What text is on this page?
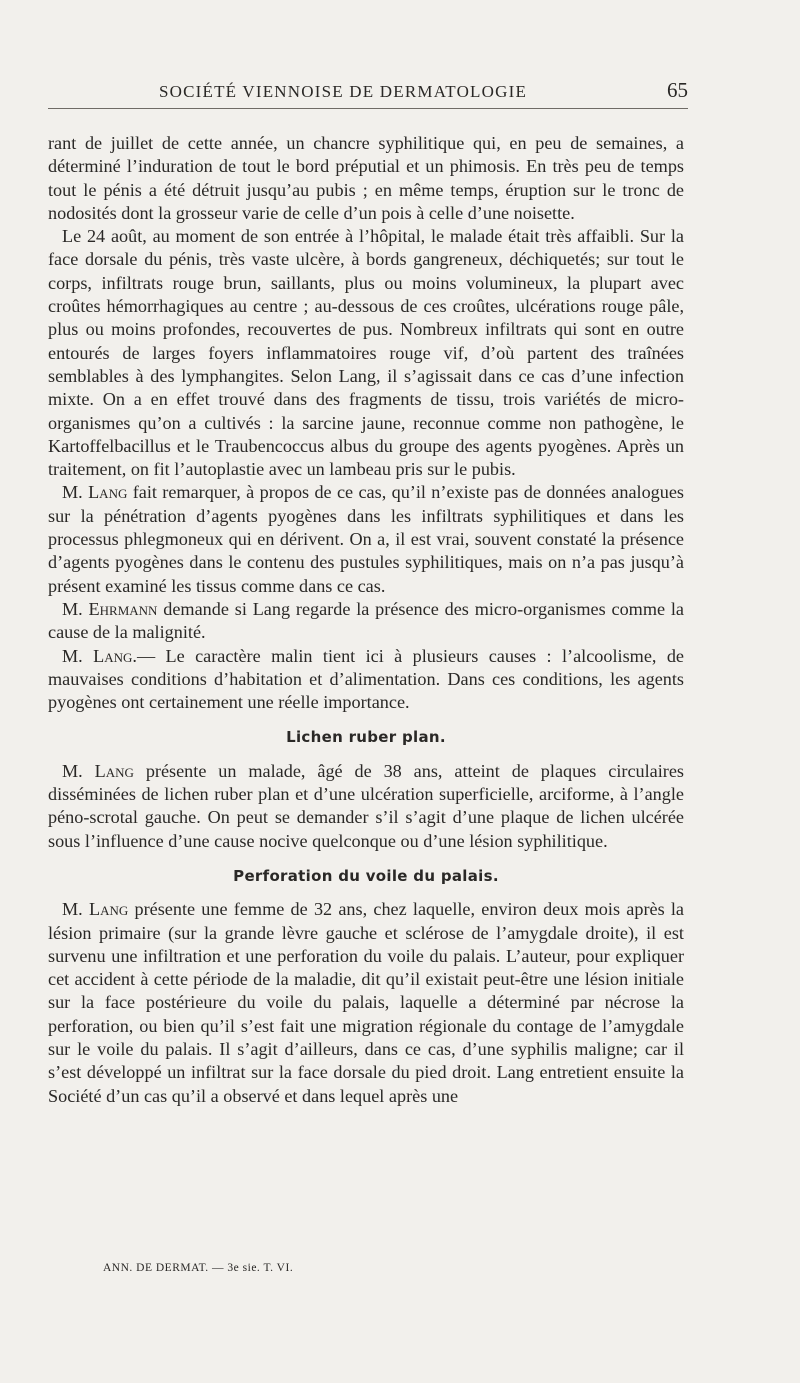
SOCIÉTÉ VIENNOISE DE DERMATOLOGIE	65

rant de juillet de cette année, un chancre syphilitique qui, en peu de semaines, a déterminé l’induration de tout le bord préputial et un phimosis. En très peu de temps tout le pénis a été détruit jusqu’au pubis ; en même temps, éruption sur le tronc de nodosités dont la grosseur varie de celle d’un pois à celle d’une noisette.

Le 24 août, au moment de son entrée à l’hôpital, le malade était très affaibli. Sur la face dorsale du pénis, très vaste ulcère, à bords gangreneux, déchiquetés; sur tout le corps, infiltrats rouge brun, saillants, plus ou moins volumineux, la plupart avec croûtes hémorrhagiques au centre ; au-dessous de ces croûtes, ulcérations rouge pâle, plus ou moins profondes, recouvertes de pus. Nombreux infiltrats qui sont en outre entourés de larges foyers inflammatoires rouge vif, d’où partent des traînées semblables à des lymphangites. Selon Lang, il s’agissait dans ce cas d’une infection mixte. On a en effet trouvé dans des fragments de tissu, trois variétés de micro-organismes qu’on a cultivés : la sarcine jaune, reconnue comme non pathogène, le Kartoffelbacillus et le Traubencoccus albus du groupe des agents pyogènes. Après un traitement, on fit l’autoplastie avec un lambeau pris sur le pubis.

M. Lang fait remarquer, à propos de ce cas, qu’il n’existe pas de données analogues sur la pénétration d’agents pyogènes dans les infiltrats syphilitiques et dans les processus phlegmoneux qui en dérivent. On a, il est vrai, souvent constaté la présence d’agents pyogènes dans le contenu des pustules syphilitiques, mais on n’a pas jusqu’à présent examiné les tissus comme dans ce cas.

M. Ehrmann demande si Lang regarde la présence des micro-organismes comme la cause de la malignité.

M. Lang.— Le caractère malin tient ici à plusieurs causes : l’alcoolisme, de mauvaises conditions d’habitation et d’alimentation. Dans ces conditions, les agents pyogènes ont certainement une réelle importance.

Lichen ruber plan.

M. Lang présente un malade, âgé de 38 ans, atteint de plaques circulaires disséminées de lichen ruber plan et d’une ulcération superficielle, arciforme, à l’angle péno-scrotal gauche. On peut se demander s’il s’agit d’une plaque de lichen ulcérée sous l’influence d’une cause nocive quelconque ou d’une lésion syphilitique.

Perforation du voile du palais.

M. Lang présente une femme de 32 ans, chez laquelle, environ deux mois après la lésion primaire (sur la grande lèvre gauche et sclérose de l’amygdale droite), il est survenu une infiltration et une perforation du voile du palais. L’auteur, pour expliquer cet accident à cette période de la maladie, dit qu’il existait peut-être une lésion initiale sur la face postérieure du voile du palais, laquelle a déterminé par nécrose la perforation, ou bien qu’il s’est fait une migration régionale du contage de l’amygdale sur le voile du palais. Il s’agit d’ailleurs, dans ce cas, d’une syphilis maligne; car il s’est développé un infiltrat sur la face dorsale du pied droit. Lang entretient ensuite la Société d’un cas qu’il a observé et dans lequel après une

ANN. DE DERMAT. — 3e sie. T. VI.
